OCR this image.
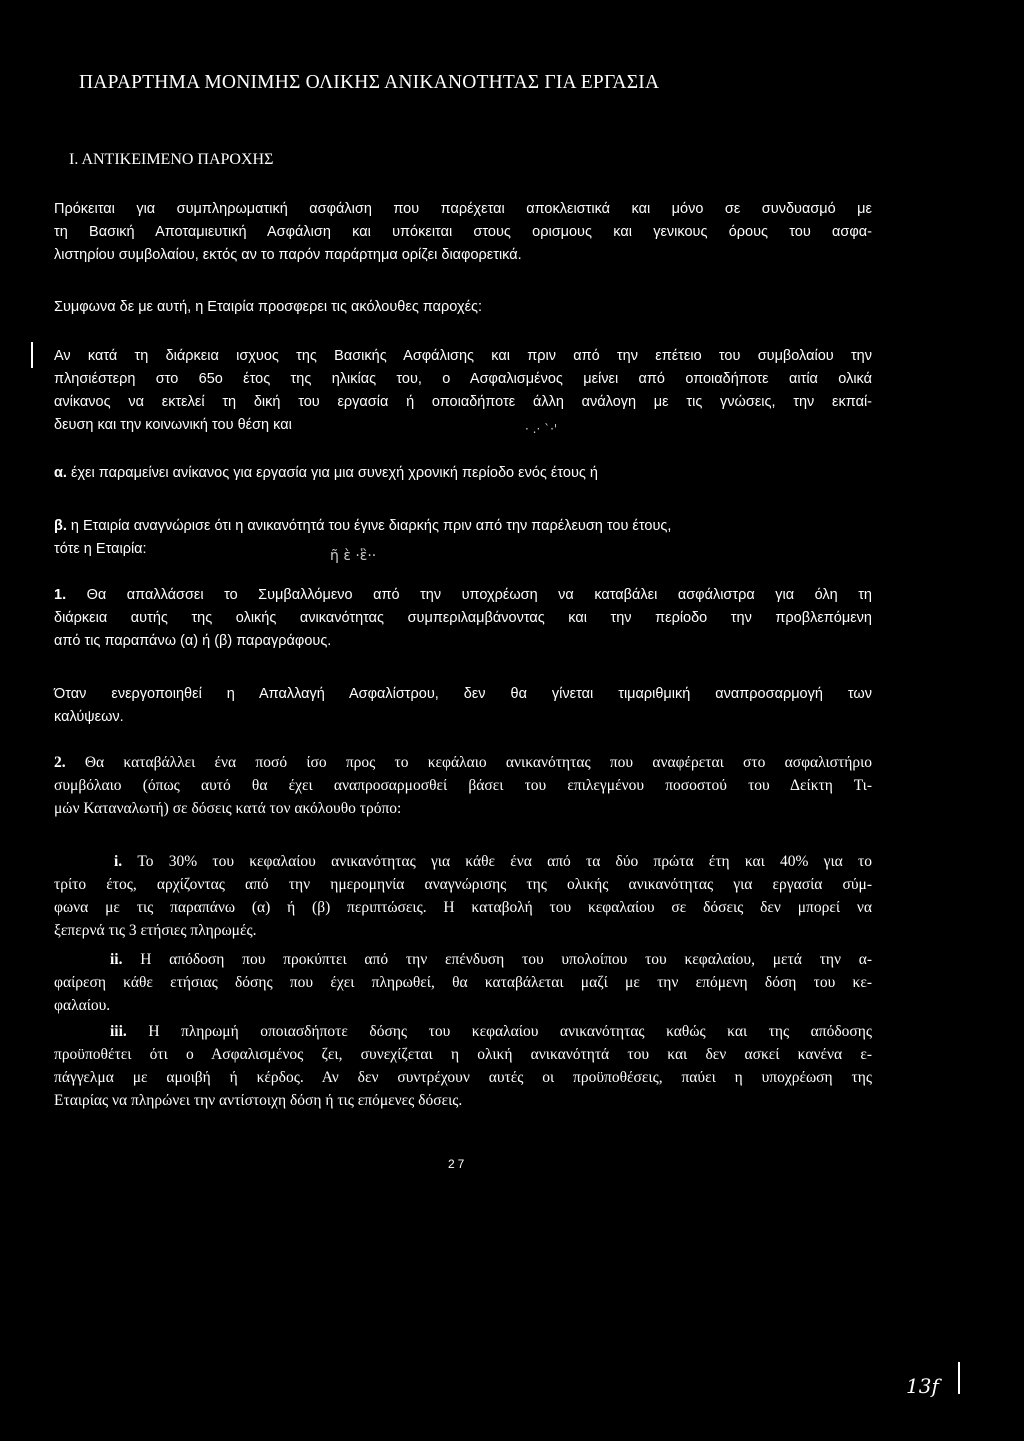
ΠΑΡΑΡΤΗΜΑ ΜΟΝΙΜΗΣ ΟΛΙΚΗΣ ΑΝΙΚΑΝΟΤΗΤΑΣ ΓΙΑ ΕΡΓΑΣΙΑ
Ι. ΑΝΤΙΚΕΙΜΕΝΟ ΠΑΡΟΧΗΣ
Πρόκειται για συμπληρωματική ασφάλιση που παρέχεται αποκλειστικά και μόνο σε συνδυασμό με
τη Βασική Αποταμιευτική Ασφάλιση και υπόκειται στους ορισμους και γενικους όρους του ασφα-
λιστηρίου συμβολαίου, εκτός αν το παρόν παράρτημα ορίζει διαφορετικά.
Συμφωνα δε με αυτή, η Εταιρία προσφερει τις ακόλουθες παροχές:
Αν κατά τη διάρκεια ισχυος της Βασικής Ασφάλισης και πριν από την επέτειο του συμβολαίου την
πλησιέστερη στο 65ο έτος της ηλικίας του, ο Ασφαλισμένος μείνει από οποιαδήποτε αιτία ολικά
ανίκανος να εκτελεί τη δική του εργασία ή οποιαδήποτε άλλη ανάλογη με τις γνώσεις, την εκπαί-
δευση και την κοινωνική του θέση και	· .· `·'
α. έχει παραμείνει ανίκανος για εργασία για μια συνεχή χρονική περίοδο ενός έτους ή
β. η Εταιρία αναγνώρισε ότι η ανικανότητά του έγινε διαρκής πριν από την παρέλευση του έτους,
τότε η Εταιρία:	ῆ ὲ ·ἓ··
1. Θα απαλλάσσει το Συμβαλλόμενο από την υποχρέωση να καταβάλει ασφάλιστρα για όλη τη
διάρκεια αυτής της ολικής ανικανότητας συμπεριλαμβάνοντας και την περίοδο την προβλεπόμενη
από τις παραπάνω (α) ή (β) παραγράφους.
Όταν ενεργοποιηθεί η Απαλλαγή Ασφαλίστρου, δεν θα γίνεται τιμαριθμική αναπροσαρμογή των
καλύψεων.
2. Θα καταβάλλει ένα ποσό ίσο προς το κεφάλαιο ανικανότητας που αναφέρεται στο ασφαλιστήριο
συμβόλαιο (όπως αυτό θα έχει αναπροσαρμοσθεί βάσει του επιλεγμένου ποσοστού του Δείκτη Τι-
μών Καταναλωτή) σε δόσεις κατά τον ακόλουθο τρόπο:
i. Το 30% του κεφαλαίου ανικανότητας για κάθε ένα από τα δύο πρώτα έτη και 40% για το
τρίτο έτος, αρχίζοντας από την ημερομηνία αναγνώρισης της ολικής ανικανότητας για εργασία σύμ-
φωνα με τις παραπάνω (α) ή (β) περιπτώσεις. Η καταβολή του κεφαλαίου σε δόσεις δεν μπορεί να
ξεπερνά τις 3 ετήσιες πληρωμές.
ii. Η απόδοση που προκύπτει από την επένδυση του υπολοίπου του κεφαλαίου, μετά την α-
φαίρεση κάθε ετήσιας δόσης που έχει πληρωθεί, θα καταβάλεται μαζί με την επόμενη δόση του κε-
φαλαίου.
iii. Η πληρωμή οποιασδήποτε δόσης του κεφαλαίου ανικανότητας καθώς και της απόδοσης
προϋποθέτει ότι ο Ασφαλισμένος ζει, συνεχίζεται η ολική ανικανότητά του και δεν ασκεί κανένα ε-
πάγγελμα με αμοιβή ή κέρδος. Αν δεν συντρέχουν αυτές οι προϋποθέσεις, παύει η υποχρέωση της
Εταιρίας να πληρώνει την αντίστοιχη δόση ή τις επόμενες δόσεις.
27
13f
